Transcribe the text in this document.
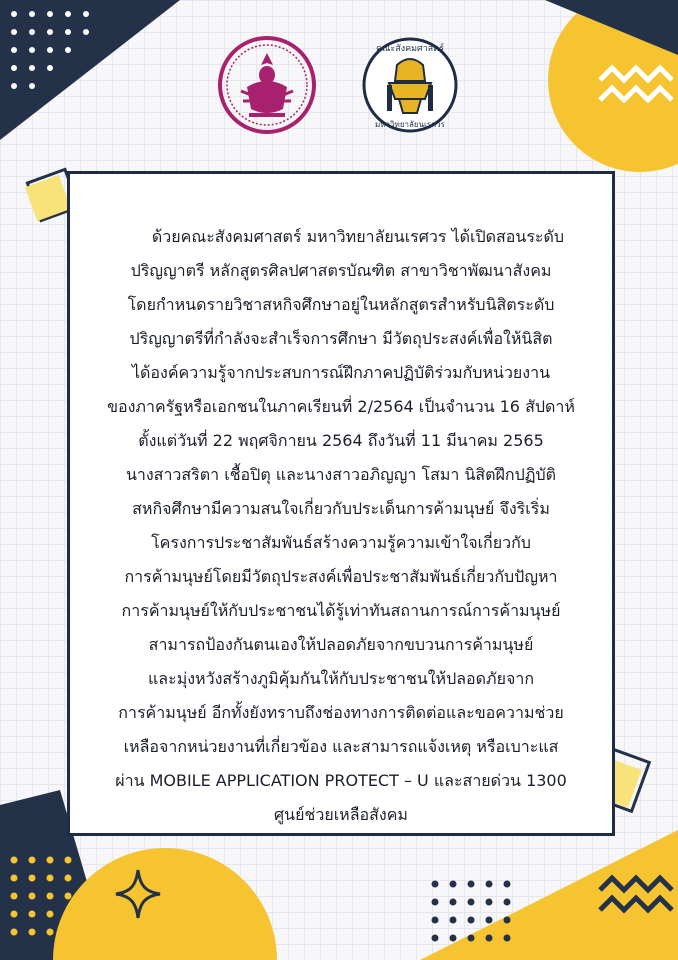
คณะสังคมศาสตร์
มหาวิทยาลัยนเรศวร

ด้วยคณะสังคมศาสตร์ มหาวิทยาลัยนเรศวร ได้เปิดสอนระดับ
ปริญญาตรี หลักสูตรศิลปศาสตรบัณฑิต สาขาวิชาพัฒนาสังคม
โดยกำหนดรายวิชาสหกิจศึกษาอยู่ในหลักสูตรสำหรับนิสิตระดับ
ปริญญาตรีที่กำลังจะสำเร็จการศึกษา มีวัตถุประสงค์เพื่อให้นิสิต
ได้องค์ความรู้จากประสบการณ์ฝึกภาคปฏิบัติร่วมกับหน่วยงาน
ของภาครัฐหรือเอกชนในภาคเรียนที่ 2/2564 เป็นจำนวน 16 สัปดาห์
ตั้งแต่วันที่ 22 พฤศจิกายน 2564 ถึงวันที่ 11 มีนาคม 2565
นางสาวสริตา เชื้อปิตุ และนางสาวอภิญญา โสมา นิสิตฝึกปฏิบัติ
สหกิจศึกษามีความสนใจเกี่ยวกับประเด็นการค้ามนุษย์ จึงริเริ่ม
โครงการประชาสัมพันธ์สร้างความรู้ความเข้าใจเกี่ยวกับ
การค้ามนุษย์โดยมีวัตถุประสงค์เพื่อประชาสัมพันธ์เกี่ยวกับปัญหา
การค้ามนุษย์ให้กับประชาชนได้รู้เท่าทันสถานการณ์การค้ามนุษย์
สามารถป้องกันตนเองให้ปลอดภัยจากขบวนการค้ามนุษย์
และมุ่งหวังสร้างภูมิคุ้มกันให้กับประชาชนให้ปลอดภัยจาก
การค้ามนุษย์ อีกทั้งยังทราบถึงช่องทางการติดต่อและขอความช่วย
เหลือจากหน่วยงานที่เกี่ยวข้อง และสามารถแจ้งเหตุ หรือเบาะแส
ผ่าน MOBILE APPLICATION PROTECT – U และสายด่วน 1300
ศูนย์ช่วยเหลือสังคม
